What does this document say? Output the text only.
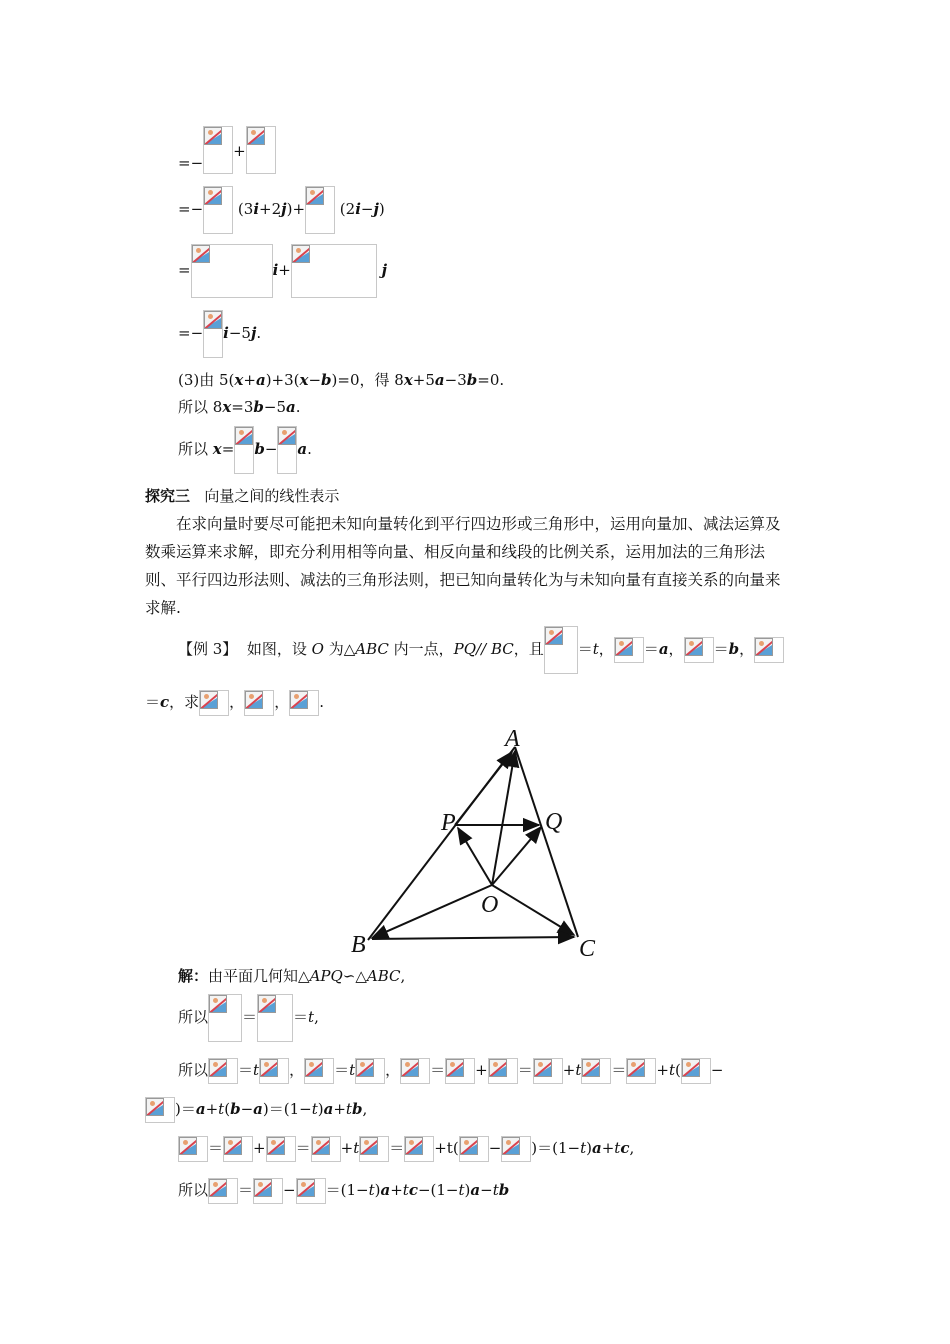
=−
+
=− (3i+2j)+ (2i−j)
=	i+	j
=− i−5j.
(3)由 5(x+a)+3(x−b)=0，得 8x+5a−3b=0.
所以 8x=3b−5a.
所以 x= b− a.
探究三 向量之间的线性表示
在求向量时要尽可能把未知向量转化到平行四边形或三角形中，运用向量加、减法运算及数乘运算来求解，即充分利用相等向量、相反向量和线段的比例关系，运用加法的三角形法则、平行四边形法则、减法的三角形法则，把已知向量转化为与未知向量有直接关系的向量来求解.
【例 3】 如图，设 O 为△ABC 内一点，PQ// BC，且 ＝t， ＝a， ＝b，
＝c，求 ， ， .
A
P	Q
O
B	C
解：由平面几何知△APQ∽△ABC,
所以 ＝ ＝t,
所以 ＝t ， ＝t ， ＝ + ＝ +t ＝ +t( −
)＝a+t(b−a)＝(1−t)a+tb,
＝ + ＝ +t ＝ +t( − )＝(1−t)a+tc,
所以 ＝ − ＝(1−t)a+tc−(1−t)a−tb
